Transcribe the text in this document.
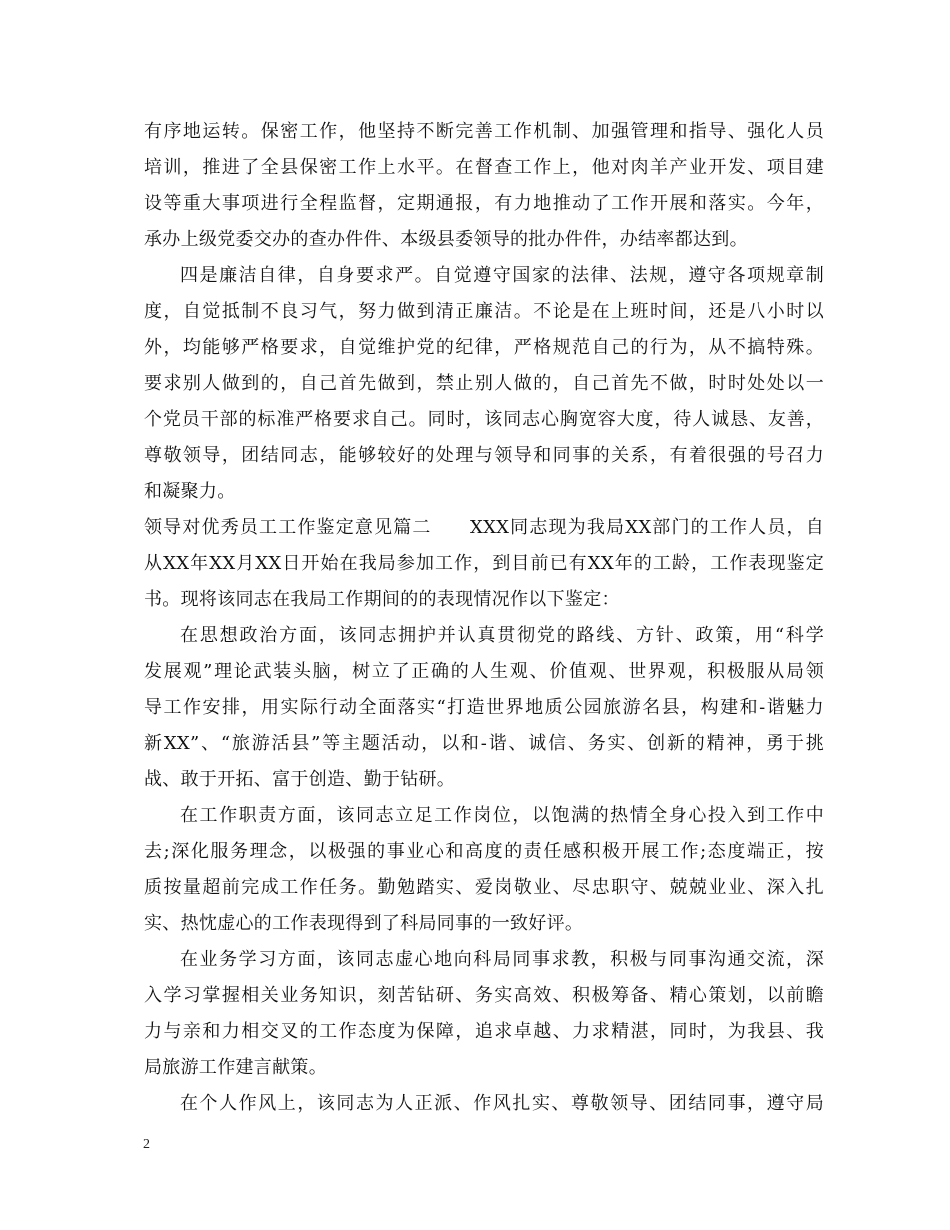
有序地运转。保密工作，他坚持不断完善工作机制、加强管理和指导、强化人员
培训，推进了全县保密工作上水平。在督查工作上，他对肉羊产业开发、项目建
设等重大事项进行全程监督，定期通报，有力地推动了工作开展和落实。今年，
承办上级党委交办的查办件件、本级县委领导的批办件件，办结率都达到。
四是廉洁自律，自身要求严。自觉遵守国家的法律、法规，遵守各项规章制
度，自觉抵制不良习气，努力做到清正廉洁。不论是在上班时间，还是八小时以
外，均能够严格要求，自觉维护党的纪律，严格规范自己的行为，从不搞特殊。
要求别人做到的，自己首先做到，禁止别人做的，自己首先不做，时时处处以一
个党员干部的标准严格要求自己。同时，该同志心胸宽容大度，待人诚恳、友善，
尊敬领导，团结同志，能够较好的处理与领导和同事的关系，有着很强的号召力
和凝聚力。
领导对优秀员工工作鉴定意见篇二　　XXX同志现为我局XX部门的工作人员，自
从XX年XX月XX日开始在我局参加工作，到目前已有XX年的工龄，工作表现鉴定
书。现将该同志在我局工作期间的的表现情况作以下鉴定：
在思想政治方面，该同志拥护并认真贯彻党的路线、方针、政策，用“科学
发展观”理论武装头脑，树立了正确的人生观、价值观、世界观，积极服从局领
导工作安排，用实际行动全面落实“打造世界地质公园旅游名县，构建和-谐魅力
新XX”、“旅游活县”等主题活动，以和-谐、诚信、务实、创新的精神，勇于挑
战、敢于开拓、富于创造、勤于钻研。
在工作职责方面，该同志立足工作岗位，以饱满的热情全身心投入到工作中
去;深化服务理念，以极强的事业心和高度的责任感积极开展工作;态度端正，按
质按量超前完成工作任务。勤勉踏实、爱岗敬业、尽忠职守、兢兢业业、深入扎
实、热忱虚心的工作表现得到了科局同事的一致好评。
在业务学习方面，该同志虚心地向科局同事求教，积极与同事沟通交流，深
入学习掌握相关业务知识，刻苦钻研、务实高效、积极筹备、精心策划，以前瞻
力与亲和力相交叉的工作态度为保障，追求卓越、力求精湛，同时，为我县、我
局旅游工作建言献策。
在个人作风上，该同志为人正派、作风扎实、尊敬领导、团结同事，遵守局
2
